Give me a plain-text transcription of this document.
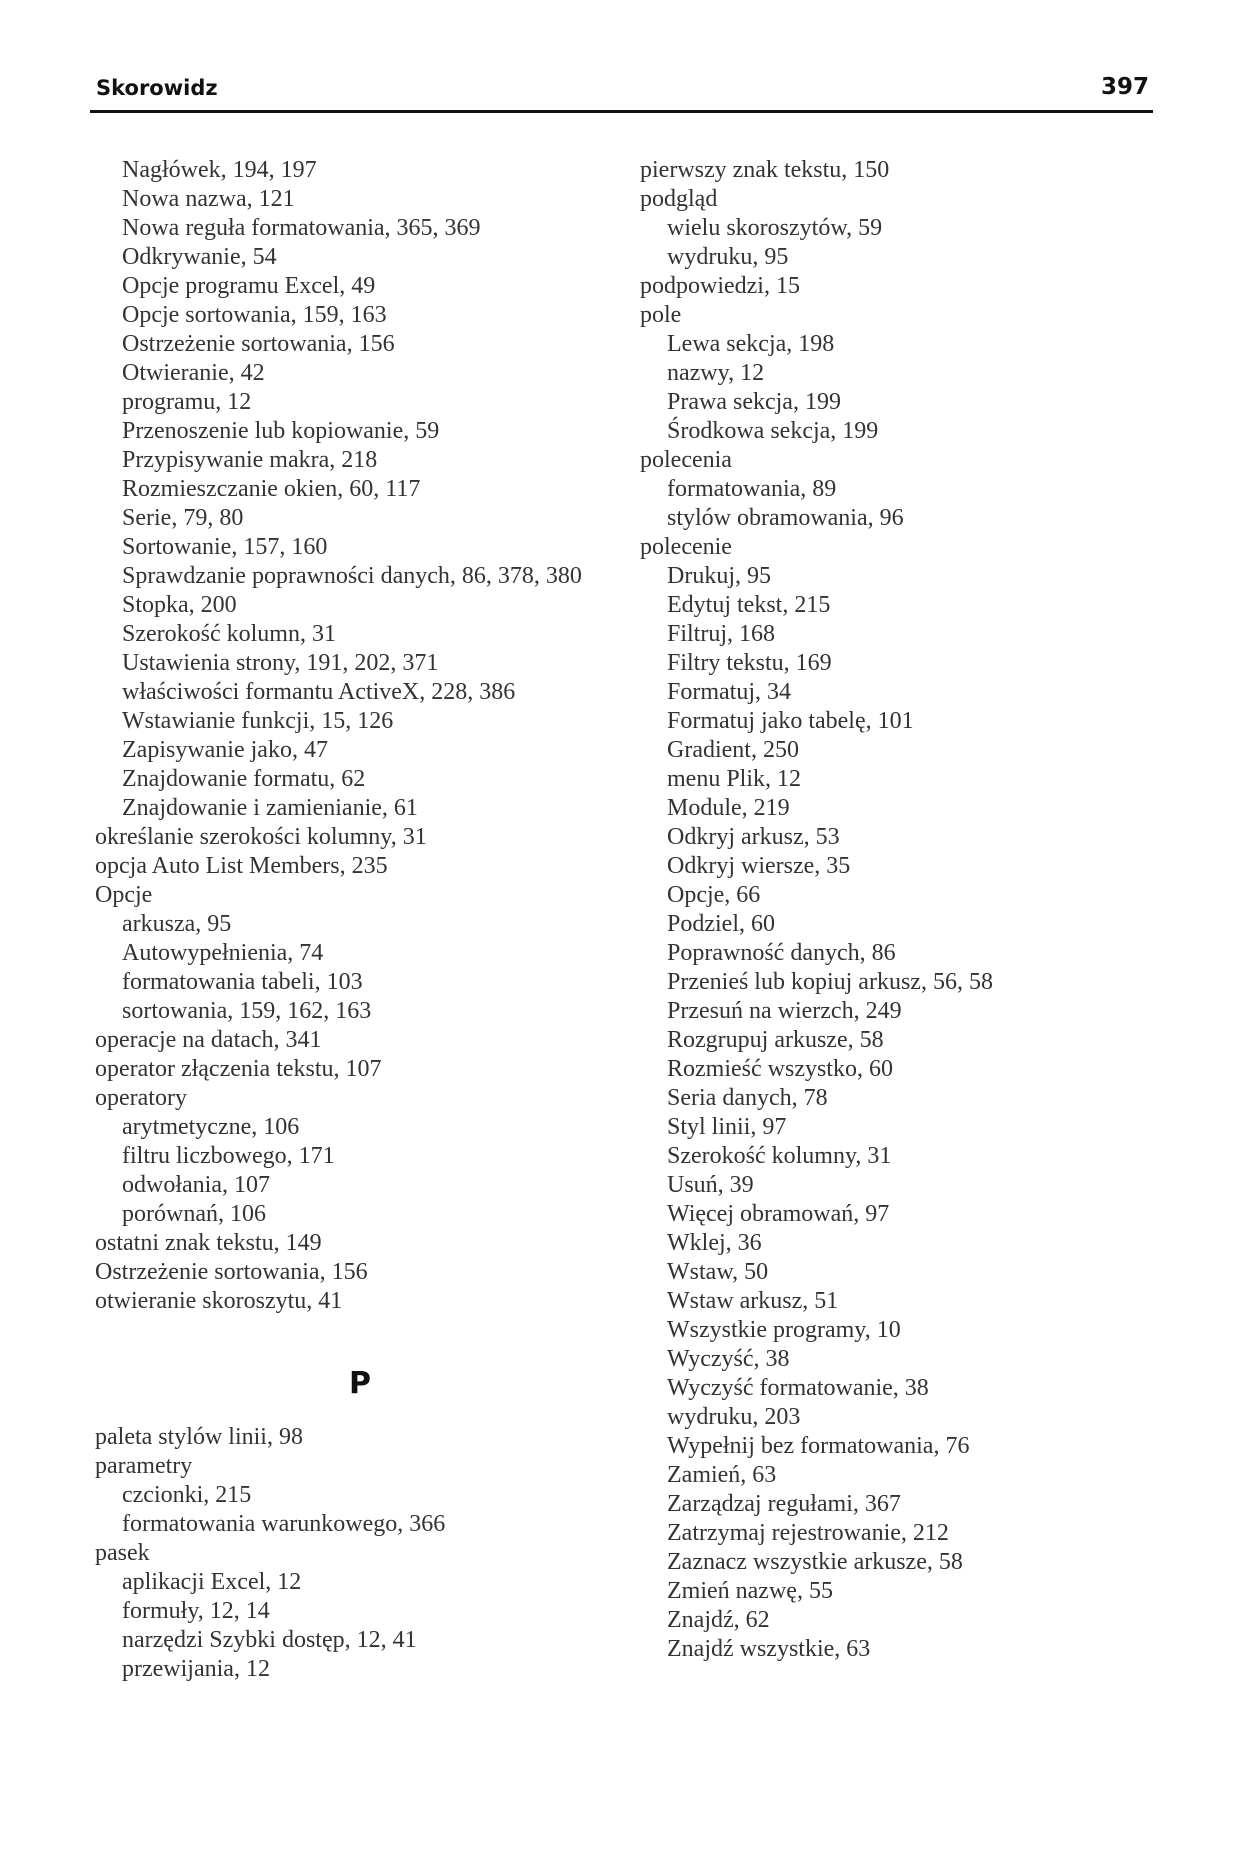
Skorowidz	397
Nagłówek, 194, 197
Nowa nazwa, 121
Nowa reguła formatowania, 365, 369
Odkrywanie, 54
Opcje programu Excel, 49
Opcje sortowania, 159, 163
Ostrzeżenie sortowania, 156
Otwieranie, 42
programu, 12
Przenoszenie lub kopiowanie, 59
Przypisywanie makra, 218
Rozmieszczanie okien, 60, 117
Serie, 79, 80
Sortowanie, 157, 160
Sprawdzanie poprawności danych, 86, 378, 380
Stopka, 200
Szerokość kolumn, 31
Ustawienia strony, 191, 202, 371
właściwości formantu ActiveX, 228, 386
Wstawianie funkcji, 15, 126
Zapisywanie jako, 47
Znajdowanie formatu, 62
Znajdowanie i zamienianie, 61
określanie szerokości kolumny, 31
opcja Auto List Members, 235
Opcje
arkusza, 95
Autowypełnienia, 74
formatowania tabeli, 103
sortowania, 159, 162, 163
operacje na datach, 341
operator złączenia tekstu, 107
operatory
arytmetyczne, 106
filtru liczbowego, 171
odwołania, 107
porównań, 106
ostatni znak tekstu, 149
Ostrzeżenie sortowania, 156
otwieranie skoroszytu, 41
P
paleta stylów linii, 98
parametry
czcionki, 215
formatowania warunkowego, 366
pasek
aplikacji Excel, 12
formuły, 12, 14
narzędzi Szybki dostęp, 12, 41
przewijania, 12
pierwszy znak tekstu, 150
podgląd
wielu skoroszytów, 59
wydruku, 95
podpowiedzi, 15
pole
Lewa sekcja, 198
nazwy, 12
Prawa sekcja, 199
Środkowa sekcja, 199
polecenia
formatowania, 89
stylów obramowania, 96
polecenie
Drukuj, 95
Edytuj tekst, 215
Filtruj, 168
Filtry tekstu, 169
Formatuj, 34
Formatuj jako tabelę, 101
Gradient, 250
menu Plik, 12
Module, 219
Odkryj arkusz, 53
Odkryj wiersze, 35
Opcje, 66
Podziel, 60
Poprawność danych, 86
Przenieś lub kopiuj arkusz, 56, 58
Przesuń na wierzch, 249
Rozgrupuj arkusze, 58
Rozmieść wszystko, 60
Seria danych, 78
Styl linii, 97
Szerokość kolumny, 31
Usuń, 39
Więcej obramowań, 97
Wklej, 36
Wstaw, 50
Wstaw arkusz, 51
Wszystkie programy, 10
Wyczyść, 38
Wyczyść formatowanie, 38
wydruku, 203
Wypełnij bez formatowania, 76
Zamień, 63
Zarządzaj regułami, 367
Zatrzymaj rejestrowanie, 212
Zaznacz wszystkie arkusze, 58
Zmień nazwę, 55
Znajdź, 62
Znajdź wszystkie, 63
